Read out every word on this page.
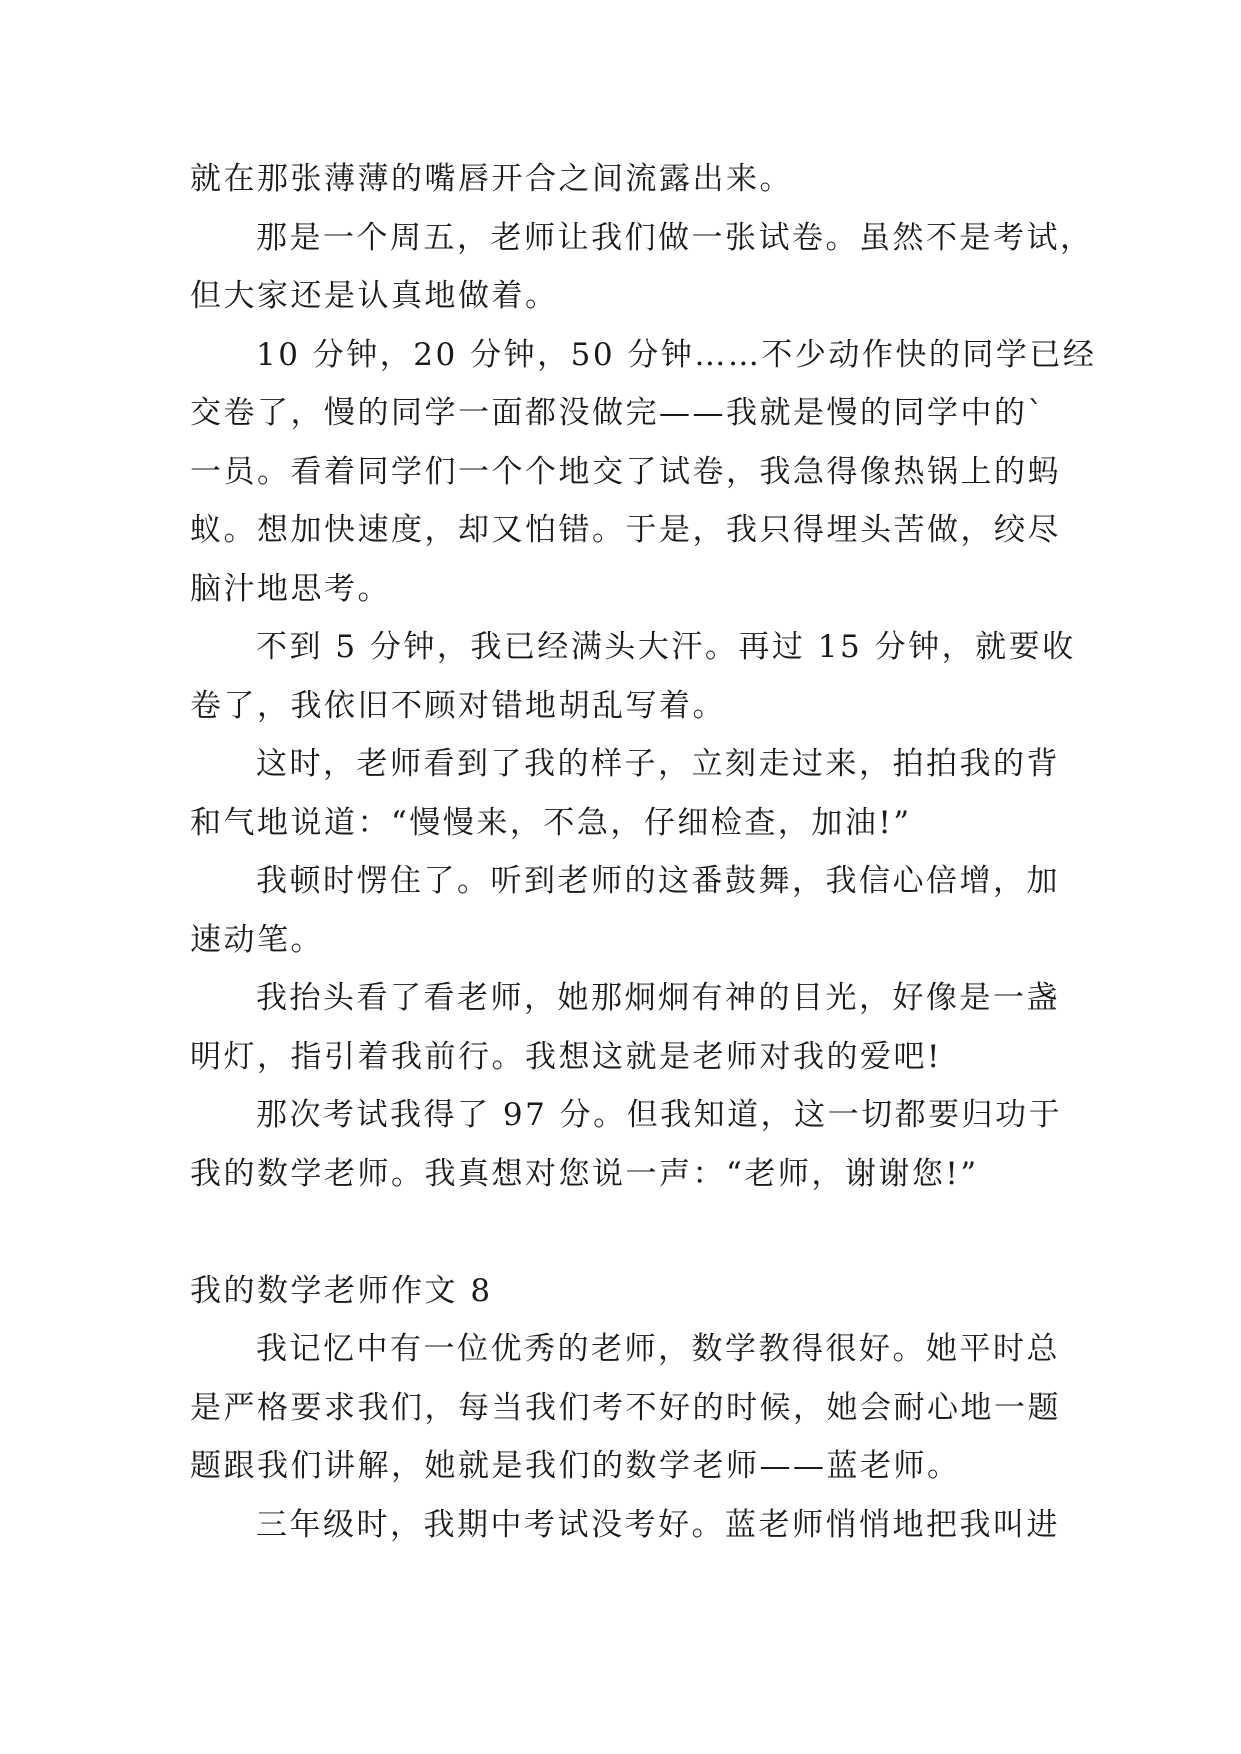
就在那张薄薄的嘴唇开合之间流露出来。
那是一个周五，老师让我们做一张试卷。虽然不是考试，
但大家还是认真地做着。
10 分钟，20 分钟，50 分钟……不少动作快的同学已经
交卷了，慢的同学一面都没做完——我就是慢的同学中的`
一员。看着同学们一个个地交了试卷，我急得像热锅上的蚂
蚁。想加快速度，却又怕错。于是，我只得埋头苦做，绞尽
脑汁地思考。
不到 5 分钟，我已经满头大汗。再过 15 分钟，就要收
卷了，我依旧不顾对错地胡乱写着。
这时，老师看到了我的样子，立刻走过来，拍拍我的背
和气地说道：“慢慢来，不急，仔细检查，加油!”
我顿时愣住了。听到老师的这番鼓舞，我信心倍增，加
速动笔。
我抬头看了看老师，她那炯炯有神的目光，好像是一盏
明灯，指引着我前行。我想这就是老师对我的爱吧!
那次考试我得了 97 分。但我知道，这一切都要归功于
我的数学老师。我真想对您说一声：“老师，谢谢您!”
我的数学老师作文 8
我记忆中有一位优秀的老师，数学教得很好。她平时总
是严格要求我们，每当我们考不好的时候，她会耐心地一题
题跟我们讲解，她就是我们的数学老师——蓝老师。
三年级时，我期中考试没考好。蓝老师悄悄地把我叫进
